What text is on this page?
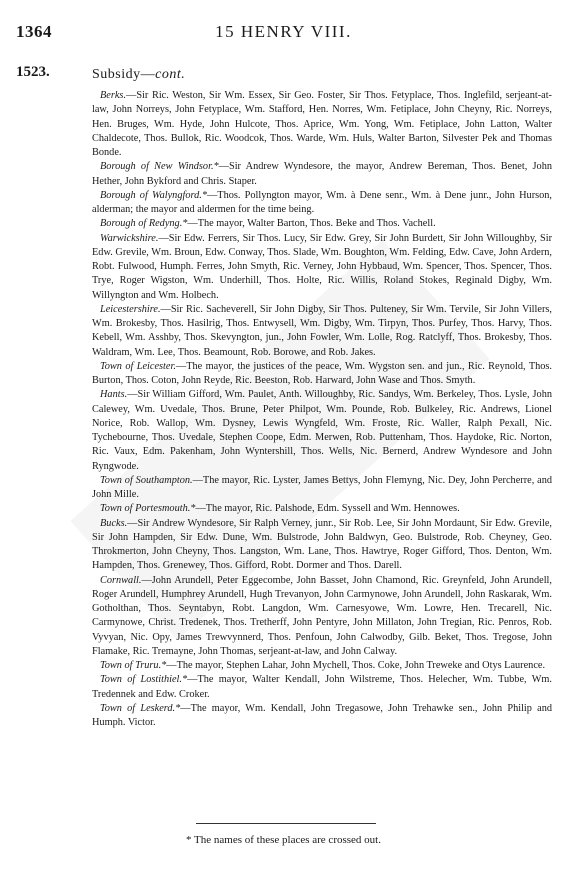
1364	15 HENRY VIII.
1523.	Subsidy—cont.

Berks.—Sir Ric. Weston, Sir Wm. Essex, Sir Geo. Foster, Sir Thos. Fetyplace, Thos. Inglefild, serjeant-at-law, John Norreys, John Fetyplace, Wm. Stafford, Hen. Norres, Wm. Fetiplace, John Cheyny, Ric. Norreys, Hen. Bruges, Wm. Hyde, John Hulcote, Thos. Aprice, Wm. Yong, Wm. Fetiplace, John Latton, Walter Chaldecote, Thos. Bullok, Ric. Woodcok, Thos. Warde, Wm. Huls, Walter Barton, Silvester Pek and Thomas Bonde.

Borough of New Windsor.*—Sir Andrew Wyndesore, the mayor, Andrew Bereman, Thos. Benet, John Hether, John Bykford and Chris. Staper.

Borough of Walyngford.*—Thos. Pollyngton mayor, Wm. à Dene senr., Wm. à Dene junr., John Hurson, alderman; the mayor and aldermen for the time being.

Borough of Redyng.*—The mayor, Walter Barton, Thos. Beke and Thos. Vachell.

Warwickshire.—Sir Edw. Ferrers, Sir Thos. Lucy, Sir Edw. Grey, Sir John Burdett, Sir John Willoughby, Sir Edw. Grevile, Wm. Broun, Edw. Conway, Thos. Slade, Wm. Boughton, Wm. Felding, Edw. Cave, John Ardern, Robt. Fulwood, Humph. Ferres, John Smyth, Ric. Verney, John Hybbaud, Wm. Spencer, Thos. Spencer, Thos. Trye, Roger Wigston, Wm. Underhill, Thos. Holte, Ric. Willis, Roland Stokes, Reginald Digby, Wm. Willyngton and Wm. Holbech.

Leicestershire.—Sir Ric. Sacheverell, Sir John Digby, Sir Thos. Pulteney, Sir Wm. Tervile, Sir John Villers, Wm. Brokesby, Thos. Hasilrig, Thos. Entwysell, Wm. Digby, Wm. Tirpyn, Thos. Purfey, Thos. Harvy, Thos. Kebell, Wm. Asshby, Thos. Skevyngton, jun., John Fowler, Wm. Lolle, Rog. Ratclyff, Thos. Brokesby, Thos. Waldram, Wm. Lee, Thos. Beamount, Rob. Borowe, and Rob. Jakes.

Town of Leicester.—The mayor, the justices of the peace, Wm. Wygston sen. and jun., Ric. Reynold, Thos. Burton, Thos. Coton, John Reyde, Ric. Beeston, Rob. Harward, John Wase and Thos. Smyth.

Hants.—Sir William Gifford, Wm. Paulet, Anth. Willoughby, Ric. Sandys, Wm. Berkeley, Thos. Lysle, John Calewey, Wm. Uvedale, Thos. Brune, Peter Philpot, Wm. Pounde, Rob. Bulkeley, Ric. Andrews, Lionel Norice, Rob. Wallop, Wm. Dysney, Lewis Wyngfeld, Wm. Froste, Ric. Waller, Ralph Pexall, Nic. Tychebourne, Thos. Uvedale, Stephen Coope, Edm. Merwen, Rob. Puttenham, Thos. Haydoke, Ric. Norton, Ric. Vaux, Edm. Pakenham, John Wyntershill, Thos. Wells, Nic. Bernerd, Andrew Wyndesore and John Ryngwode.

Town of Southampton.—The mayor, Ric. Lyster, James Bettys, John Flemyng, Nic. Dey, John Percherre, and John Mille.

Town of Portesmouth.*—The mayor, Ric. Palshode, Edm. Syssell and Wm. Hennowes.

Bucks.—Sir Andrew Wyndesore, Sir Ralph Verney, junr., Sir Rob. Lee, Sir John Mordaunt, Sir Edw. Grevile, Sir John Hampden, Sir Edw. Dune, Wm. Bulstrode, John Baldwyn, Geo. Bulstrode, Rob. Cheyney, Geo. Throkmerton, John Cheyny, Thos. Langston, Wm. Lane, Thos. Hawtrye, Roger Gifford, Thos. Denton, Wm. Hampden, Thos. Grenewey, Thos. Gifford, Robt. Dormer and Thos. Darell.

Cornwall.—John Arundell, Peter Eggecombe, John Basset, John Chamond, Ric. Greynfeld, John Arundell, Roger Arundell, Humphrey Arundell, Hugh Trevanyon, John Carmynowe, John Arundell, John Raskarak, Wm. Gotholthan, Thos. Seyntabyn, Robt. Langdon, Wm. Carnesyowe, Wm. Lowre, Hen. Trecarell, Nic. Carmynowe, Christ. Tredenek, Thos. Tretherff, John Pentyre, John Millaton, John Tregian, Ric. Penros, Rob. Vyvyan, Nic. Opy, James Trewvynnerd, Thos. Penfoun, John Calwodby, Gilb. Beket, Thos. Tregose, John Flamake, Ric. Tremayne, John Thomas, serjeant-at-law, and John Calway.

Town of Truru.*—The mayor, Stephen Lahar, John Mychell, Thos. Coke, John Treweke and Otys Laurence.

Town of Lostithiel.*—The mayor, Walter Kendall, John Wilstreme, Thos. Helecher, Wm. Tubbe, Wm. Tredennek and Edw. Croker.

Town of Leskerd.*—The mayor, Wm. Kendall, John Tregasowe, John Trehawke sen., John Philip and Humph. Victor.

* The names of these places are crossed out.
